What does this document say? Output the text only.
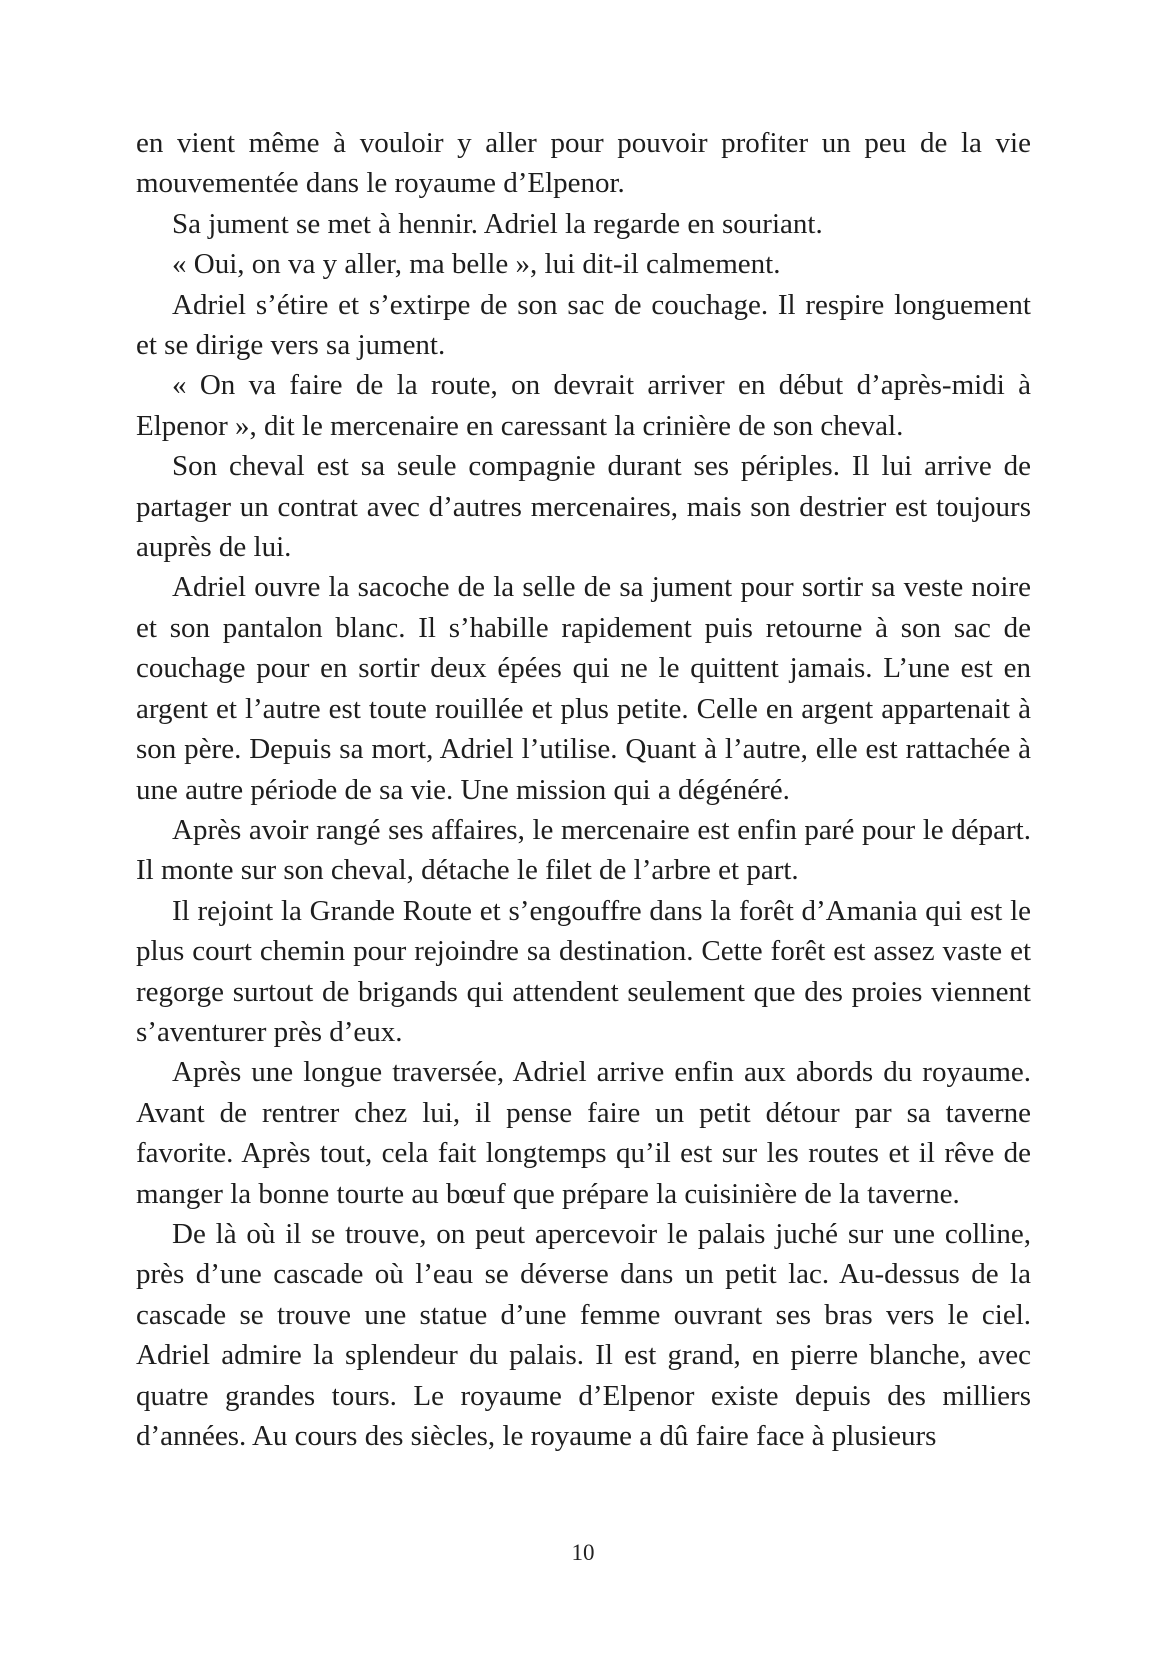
en vient même à vouloir y aller pour pouvoir profiter un peu de la vie mouvementée dans le royaume d’Elpenor.

Sa jument se met à hennir. Adriel la regarde en souriant.

« Oui, on va y aller, ma belle », lui dit-il calmement.

Adriel s’étire et s’extirpe de son sac de couchage. Il respire longuement et se dirige vers sa jument.

« On va faire de la route, on devrait arriver en début d’après-midi à Elpenor », dit le mercenaire en caressant la crinière de son cheval.

Son cheval est sa seule compagnie durant ses périples. Il lui arrive de partager un contrat avec d’autres mercenaires, mais son destrier est toujours auprès de lui.

Adriel ouvre la sacoche de la selle de sa jument pour sortir sa veste noire et son pantalon blanc. Il s’habille rapidement puis retourne à son sac de couchage pour en sortir deux épées qui ne le quittent jamais. L’une est en argent et l’autre est toute rouillée et plus petite. Celle en argent appartenait à son père. Depuis sa mort, Adriel l’utilise. Quant à l’autre, elle est rattachée à une autre période de sa vie. Une mission qui a dégénéré.

Après avoir rangé ses affaires, le mercenaire est enfin paré pour le départ. Il monte sur son cheval, détache le filet de l’arbre et part.

Il rejoint la Grande Route et s’engouffre dans la forêt d’Amania qui est le plus court chemin pour rejoindre sa destination. Cette forêt est assez vaste et regorge surtout de brigands qui attendent seulement que des proies viennent s’aventurer près d’eux.

Après une longue traversée, Adriel arrive enfin aux abords du royaume. Avant de rentrer chez lui, il pense faire un petit détour par sa taverne favorite. Après tout, cela fait longtemps qu’il est sur les routes et il rêve de manger la bonne tourte au bœuf que prépare la cuisinière de la taverne.

De là où il se trouve, on peut apercevoir le palais juché sur une colline, près d’une cascade où l’eau se déverse dans un petit lac. Au-dessus de la cascade se trouve une statue d’une femme ouvrant ses bras vers le ciel. Adriel admire la splendeur du palais. Il est grand, en pierre blanche, avec quatre grandes tours. Le royaume d’Elpenor existe depuis des milliers d’années. Au cours des siècles, le royaume a dû faire face à plusieurs

10
